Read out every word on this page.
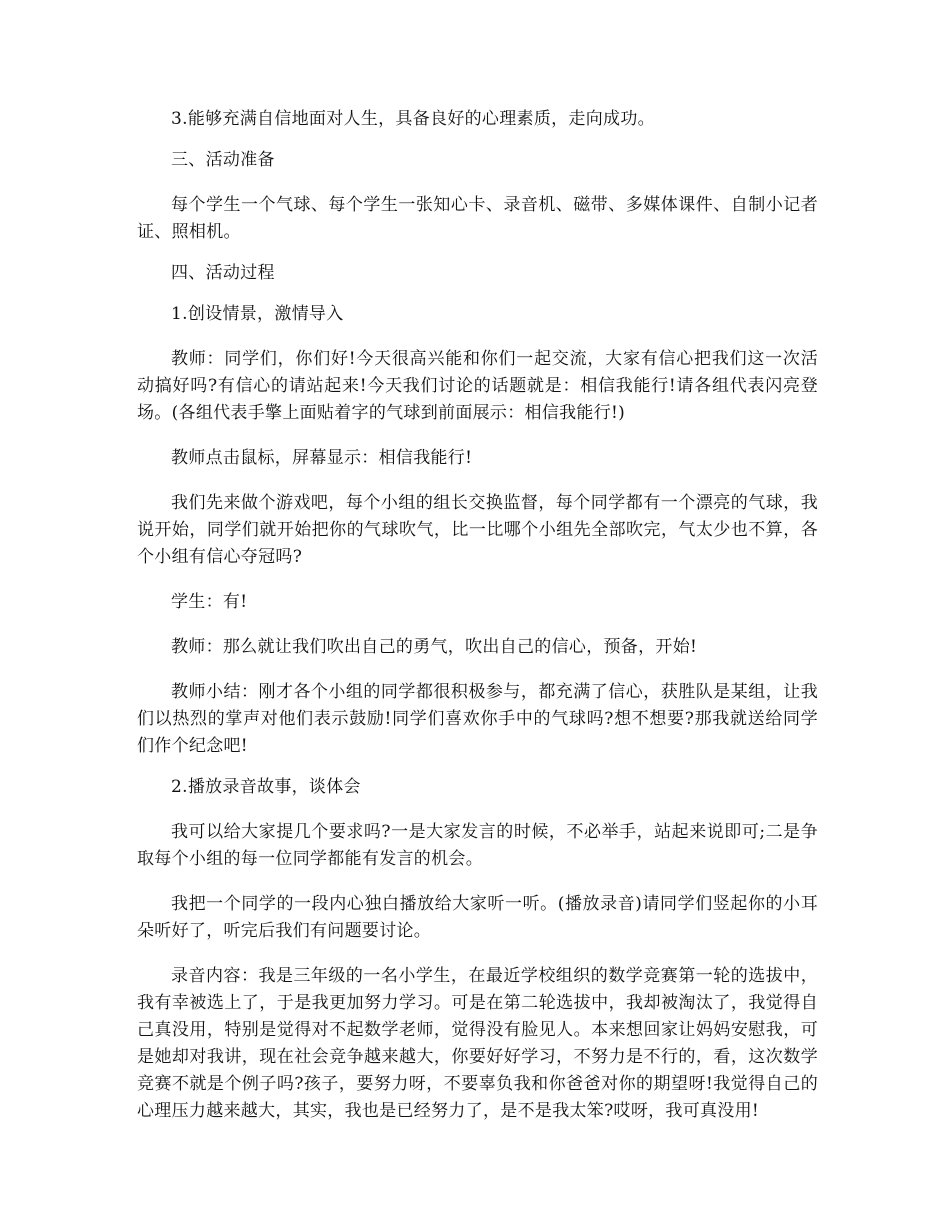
3.能够充满自信地面对人生，具备良好的心理素质，走向成功。

三、活动准备

每个学生一个气球、每个学生一张知心卡、录音机、磁带、多媒体课件、自制小记者证、照相机。

四、活动过程

1.创设情景，激情导入

教师：同学们，你们好!今天很高兴能和你们一起交流，大家有信心把我们这一次活动搞好吗?有信心的请站起来!今天我们讨论的话题就是：相信我能行!请各组代表闪亮登场。(各组代表手擎上面贴着字的气球到前面展示：相信我能行!)

教师点击鼠标，屏幕显示：相信我能行!

我们先来做个游戏吧，每个小组的组长交换监督，每个同学都有一个漂亮的气球，我说开始，同学们就开始把你的气球吹气，比一比哪个小组先全部吹完，气太少也不算，各个小组有信心夺冠吗?

学生：有!

教师：那么就让我们吹出自己的勇气，吹出自己的信心，预备，开始!

教师小结：刚才各个小组的同学都很积极参与，都充满了信心，获胜队是某组，让我们以热烈的掌声对他们表示鼓励!同学们喜欢你手中的气球吗?想不想要?那我就送给同学们作个纪念吧!

2.播放录音故事，谈体会

我可以给大家提几个要求吗?一是大家发言的时候，不必举手，站起来说即可;二是争取每个小组的每一位同学都能有发言的机会。

我把一个同学的一段内心独白播放给大家听一听。(播放录音)请同学们竖起你的小耳朵听好了，听完后我们有问题要讨论。

录音内容：我是三年级的一名小学生，在最近学校组织的数学竞赛第一轮的选拔中，我有幸被选上了，于是我更加努力学习。可是在第二轮选拔中，我却被淘汰了，我觉得自己真没用，特别是觉得对不起数学老师，觉得没有脸见人。本来想回家让妈妈安慰我，可是她却对我讲，现在社会竞争越来越大，你要好好学习，不努力是不行的，看，这次数学竞赛不就是个例子吗?孩子，要努力呀，不要辜负我和你爸爸对你的期望呀!我觉得自己的心理压力越来越大，其实，我也是已经努力了，是不是我太笨?哎呀，我可真没用!
